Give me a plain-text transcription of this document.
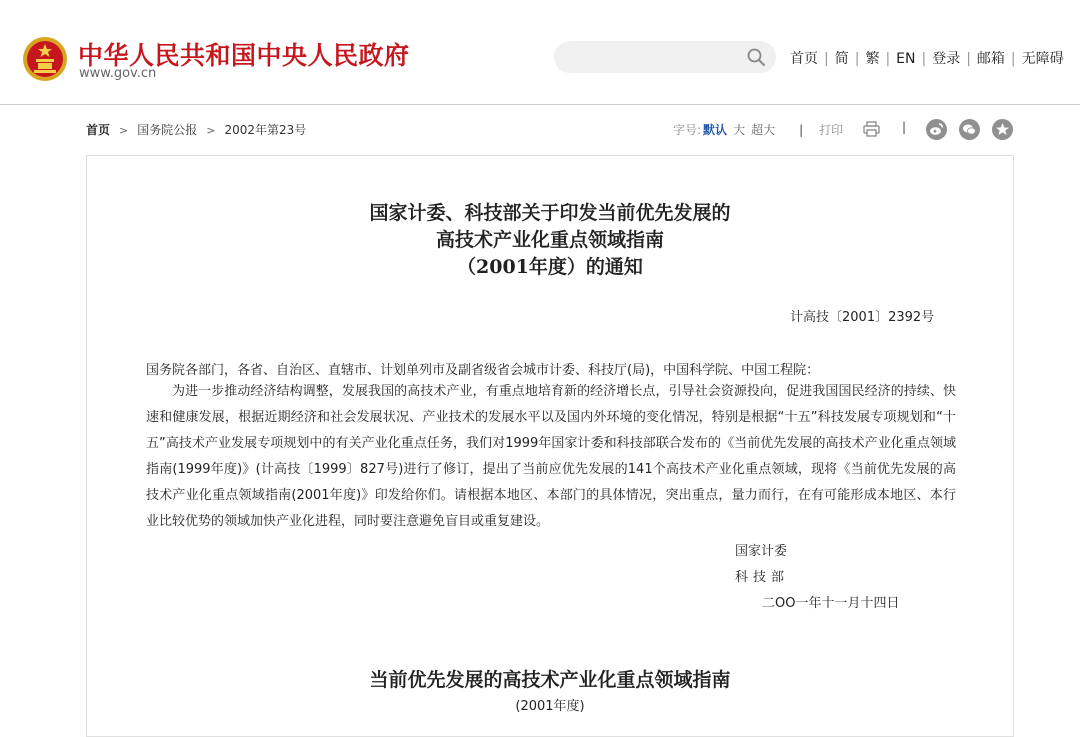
中华人民共和国中央人民政府
www.gov.cn
首页 | 简 | 繁 | EN | 登录 | 邮箱 | 无障碍
首页 > 国务院公报 > 2002年第23号	字号: 默认 大 超大 | 打印	|
国家计委、科技部关于印发当前优先发展的
高技术产业化重点领域指南
（2001年度）的通知
计高技〔2001〕2392号
国务院各部门，各省、自治区、直辖市、计划单列市及副省级省会城市计委、科技厅(局)，中国科学院、中国工程院：
为进一步推动经济结构调整，发展我国的高技术产业，有重点地培育新的经济增长点，引导社会资源投向，促进我国国民经济的持续、快速和健康发展，根据近期经济和社会发展状况、产业技术的发展水平以及国内外环境的变化情况，特别是根据“十五”科技发展专项规划和“十五”高技术产业发展专项规划中的有关产业化重点任务，我们对1999年国家计委和科技部联合发布的《当前优先发展的高技术产业化重点领域指南(1999年度)》(计高技〔1999〕827号)进行了修订，提出了当前应优先发展的141个高技术产业化重点领域，现将《当前优先发展的高技术产业化重点领域指南(2001年度)》印发给你们。请根据本地区、本部门的具体情况，突出重点，量力而行，在有可能形成本地区、本行业比较优势的领域加快产业化进程，同时要注意避免盲目或重复建设。
国家计委
科技部
二OO一年十一月十四日
当前优先发展的高技术产业化重点领域指南
(2001年度)
